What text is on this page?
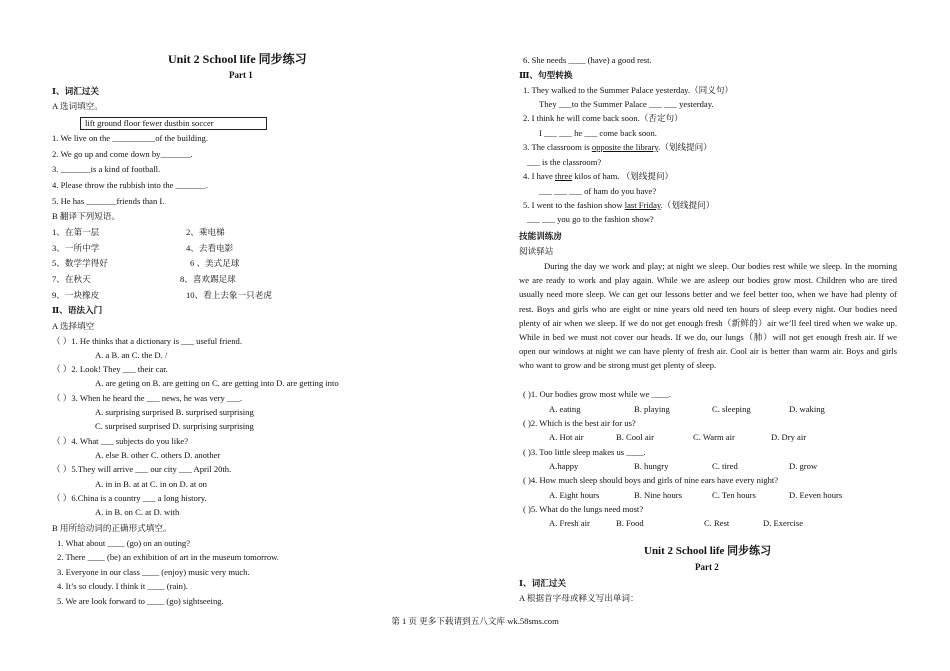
Unit 2 School life 同步练习
Part 1
Ⅰ、词汇过关
A 选词填空。
lift ground floor fewer dustbin soccer
1. We live on the __________of the building.
2. We go up and come down by_______.
3. _______is a kind of football.
4. Please throw the rubbish into the _______.
5. He has _______friends than I.
B 翻译下列短语。
1、在第一层	2、乘电梯
3、一所中学	4、去看电影
5、数学学得好	6 、美式足球
7、在秋天	8、喜欢踢足球
9、一块橡皮	10、看上去象一只老虎
Ⅱ、语法入门
A 选择填空
（ ）1. He thinks that a dictionary is ___ useful friend.
A. a B. an C. the D. /
（ ）2. Look! They ___ their car.
A. are geting on B. are getting on C. are getting into D. are getting into
（ ）3. When he heard the ___ news, he was very ___.
A. surprising surprised B. surprised surprising
C. surprised surprised D. surprising surprising
（ ）4. What ___ subjects do you like?
A. else B. other C. others D. another
（ ）5.They will arrive ___ our city ___ April 20th.
A. in in B. at at C. in on D. at on
（ ）6.China is a country ___ a long history.
A. in B. on C. at D. with
B 用所给动词的正确形式填空。
1. What about ____ (go) on an outing?
2. There ____ (be) an exhibition of art in the museum tomorrow.
3. Everyone in our class ____ (enjoy) music very much.
4. It’s so cloudy. I think it ____ (rain).
5. We are look forward to ____ (go) sightseeing.
6. She needs ____ (have) a good rest.
Ⅲ、句型转换
1. They walked to the Summer Palace yesterday.（同义句）
They ___to the Summer Palace ___ ___ yesterday.
2. I think he will come back soon.（否定句）
I ___ ___ he ___ come back soon.
3. The classroom is opposite the library.（划线提问）
___ is the classroom?
4. I have three kilos of ham. （划线提问）
___ ___ ___ of ham do you have?
5. I went to the fashion show last Friday.（划线提问）
___ ___ you go to the fashion show?
技能训练房
阅读驿站
During the day we work and play; at night we sleep. Our bodies rest while we sleep. In the morning we are ready to work and play again. While we are asleep our bodies grow most. Children who are tired usually need more sleep. We can get our lessons better and we feel better too, when we have had plenty of rest. Boys and girls who are eight or nine years old need ten hours of sleep every night. Our bodies need plenty of air when we sleep. If we do not get enough fresh（新鲜的）air we’ll feel tired when we wake up. While in bed we must not cover our heads. If we do, our lungs（肺）will not get enough fresh air. If we open our windows at night we can have plenty of fresh air. Cool air is better than warm air. Boys and girls who want to grow and be strong must get plenty of sleep.
( )1. Our bodies grow most while we ____.
A. eating	B. playing	C. sleeping	D. waking
( )2. Which is the best air for us?
A. Hot air	B. Cool air	C. Warm air	D. Dry air
( )3. Too little sleep makes us ____.
A.happy	B. hungry	C. tired	D. grow
( )4. How much sleep should boys and girls of nine ears have every night?
A. Eight hours	B. Nine hours	C. Ten hours	D. Eeven hours
( )5. What do the lungs need most?
A. Fresh air	B. Food	C. Rest	D. Exercise
Unit 2 School life 同步练习
Part 2
Ⅰ、词汇过关
A 根据首字母或释义写出单词：
第 1 页 更多下载请到五八文库 wk.58sms.com
